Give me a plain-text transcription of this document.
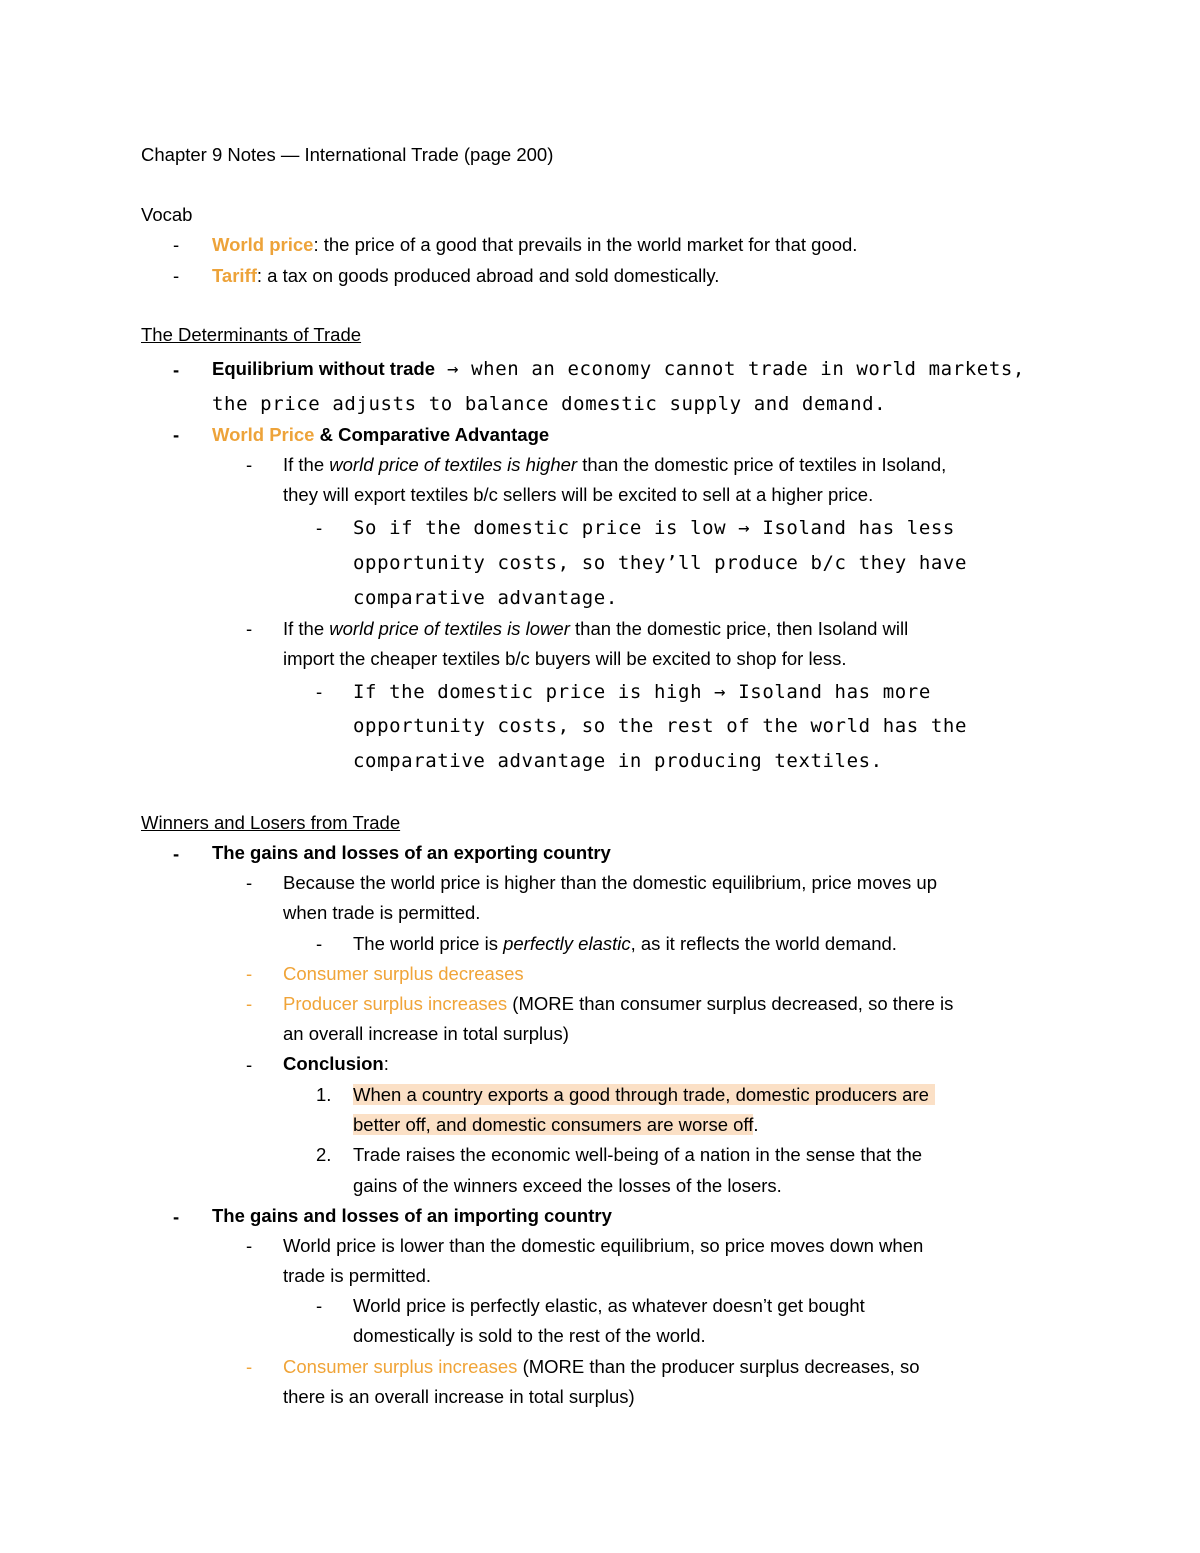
Chapter 9 Notes — International Trade (page 200)
Vocab
- World price: the price of a good that prevails in the world market for that good.
- Tariff: a tax on goods produced abroad and sold domestically.
The Determinants of Trade
- Equilibrium without trade → when an economy cannot trade in world markets,
the price adjusts to balance domestic supply and demand.
- World Price & Comparative Advantage
- If the world price of textiles is higher than the domestic price of textiles in Isoland,
they will export textiles b/c sellers will be excited to sell at a higher price.
- So if the domestic price is low → Isoland has less
opportunity costs, so they’ll produce b/c they have
comparative advantage.
- If the world price of textiles is lower than the domestic price, then Isoland will
import the cheaper textiles b/c buyers will be excited to shop for less.
- If the domestic price is high → Isoland has more
opportunity costs, so the rest of the world has the
comparative advantage in producing textiles.
Winners and Losers from Trade
- The gains and losses of an exporting country
- Because the world price is higher than the domestic equilibrium, price moves up
when trade is permitted.
- The world price is perfectly elastic, as it reflects the world demand.
- Consumer surplus decreases
- Producer surplus increases (MORE than consumer surplus decreased, so there is
an overall increase in total surplus)
- Conclusion:
1. When a country exports a good through trade, domestic producers are
better off, and domestic consumers are worse off.
2. Trade raises the economic well-being of a nation in the sense that the
gains of the winners exceed the losses of the losers.
- The gains and losses of an importing country
- World price is lower than the domestic equilibrium, so price moves down when
trade is permitted.
- World price is perfectly elastic, as whatever doesn’t get bought
domestically is sold to the rest of the world.
- Consumer surplus increases (MORE than the producer surplus decreases, so
there is an overall increase in total surplus)
